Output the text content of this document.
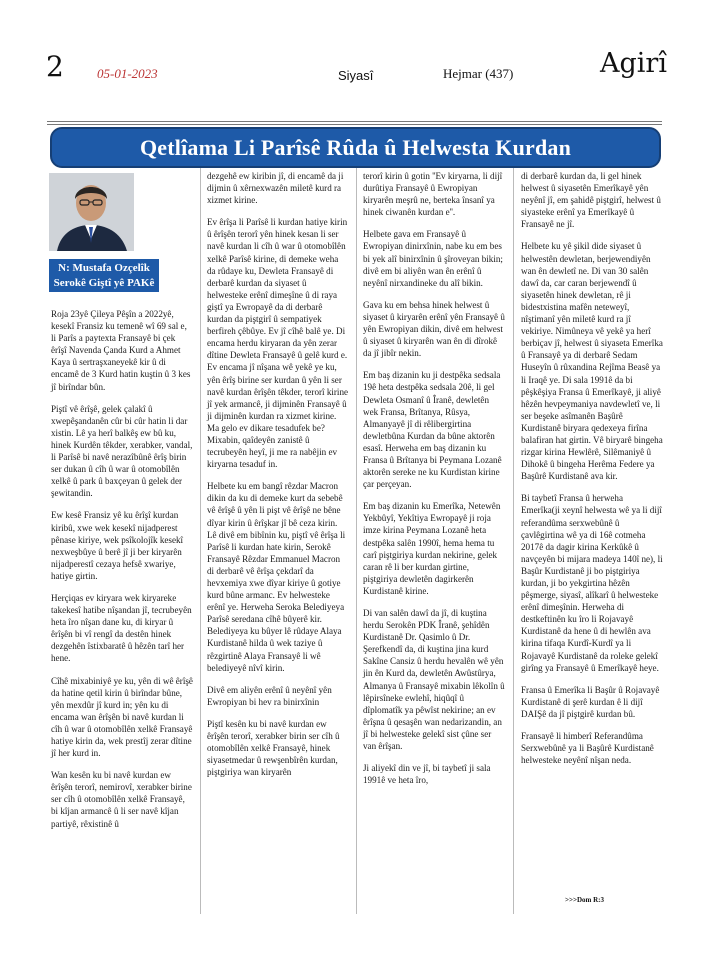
2	05-01-2023	Siyasî	Hejmar (437)	Agirî
Qetlîama Li Parîsê Rûda û Helwesta Kurdan
N: Mustafa Ozçelîk
Serokê Giştî yê PAKê

Roja 23yê Çileya Pêşîn a 2022yê, kesekî Fransiz ku temenê wî 69 sal e, li Parîs a paytexta Fransayê bi çek êrîşî Navenda Çanda Kurd a Ahmet Kaya û sertraşxaneyekê kir û di encamê de 3 Kurd hatin kuştin û 3 kes jî birîndar bûn.

Piştî vê êrîşê, gelek çalakî û xwepêşandanên cûr bi cûr hatin li dar xistin. Lê ya herî balkêş ew bû ku, hinek Kurdên têkder, xerabker, vandal, li Parîsê bi navê nerazîbûnê êrîş birin ser dukan û cîh û war û otomobîlên xelkê û park û baxçeyan û gelek der şewitandin.

Ew kesê Fransiz yê ku êrîşî kurdan kiribû, xwe wek kesekî nijadperest pênase kiriye, wek psîkolojîk kesekî nexweşbûye û berê jî ji ber kiryarên nijadperestî cezaya hefsê xwariye, hatiye girtin.

Herçiqas ev kiryara wek kiryareke takekesî hatibe nîşandan jî, tecrubeyên heta îro nîşan dane ku, di kiryar û êrîşên bi vî rengî da destên hinek dezgehên îstixbaratê û hêzên tarî her hene.

Cîhê mixabiniyê ye ku, yên di wê êrîşê da hatine qetil kirin û birîndar bûne, yên mexdûr jî kurd in; yên ku di encama wan êrîşên bi navê kurdan li cîh û war û otomobîlên xelkê Fransayê hatiye kirin da, wek prestîj zerar dîtine jî her kurd in.

Wan kesên ku bi navê kurdan ew êrîşên terorî, nemirovî, xerabker birine ser cîh û otomobîlên xelkê Fransayê, bi kîjan armancê û li ser navê kîjan partiyê, rêxistinê û

dezgehê ew kiribin jî, di encamê da ji dijmin û xêrnexwazên miletê kurd ra xizmet kirine.

Ev êrîşa li Parîsê li kurdan hatiye kirin û êrîşên terorî yên hinek kesan li ser navê kurdan li cîh û war û otomobîlên xelkê Parîsê kirine, di demeke weha da rûdaye ku, Dewleta Fransayê di derbarê kurdan da siyaset û helwesteke erênî dimeşîne û di raya giştî ya Ewropayê da di derbarê kurdan da piştgirî û sempatiyek berfireh çêbûye. Ev jî cîhê balê ye. Di encama herdu kiryaran da yên zerar dîtine Dewleta Fransayê û gelê kurd e. Ev encama jî nîşana wê yekê ye ku, yên êrîş birine ser kurdan û yên li ser navê kurdan êrîşên têkder, terorî kirine jî yek armancê, ji dijminên Fransayê û ji dijminên kurdan ra xizmet kirine. Ma gelo ev dikare tesadufek be? Mixabin, qaîdeyên zanistê û tecrubeyên heyî, ji me ra nabêjin ev kiryarna tesaduf in.

Helbete ku em bangî rêzdar Macron dikin da ku di demeke kurt da sebebê vê êrîşê û yên li pişt vê êrîşê ne bêne dîyar kirin û êrîşkar jî bê ceza kirin. Lê divê em bibînin ku, piştî vê êrîşa li Parîsê li kurdan hate kirin, Serokê Fransayê Rêzdar Emmanuel Macron di derbarê vê êrîşa çekdarî da hevxemiya xwe dîyar kiriye û gotiye kurd bûne armanc. Ev helwesteke erênî ye. Herweha Seroka Belediyeya Parîsê seredana cîhê bûyerê kir. Belediyeya ku bûyer lê rûdaye Alaya Kurdistanê hilda û wek taziye û rêzgirtinê Alaya Fransayê li wê belediyeyê nîvî kirin.

Divê em aliyên erênî û neyênî yên Ewropiyan bi hev ra binirxînin

Piştî kesên ku bi navê kurdan ew êrîşên terorî, xerabker birin ser cîh û otomobîlên xelkê Fransayê, hinek siyasetmedar û rewşenbîrên kurdan, piştgiriya wan kiryarên

terorî kirin û gotin ''Ev kiryarna, li dijî durûtiya Fransayê û Ewropiyan kiryarên meşrû ne, berteka însanî ya hinek ciwanên kurdan e''.

Helbete gava em Fransayê û Ewropiyan dinirxînin, nabe ku em bes bi yek alî binirxînin û şîroveyan bikin; divê em bi aliyên wan ên erênî û neyênî nirxandineke du alî bikin.

Gava ku em behsa hinek helwest û siyaset û kiryarên erênî yên Fransayê û yên Ewropiyan dikin, divê em helwest û siyaset û kiryarên wan ên di dîrokê da jî jibîr nekin.

Em baş dizanin ku ji destpêka sedsala 19ê heta destpêka sedsala 20ê, li gel Dewleta Osmanî û Îranê, dewletên wek Fransa, Brîtanya, Rûsya, Almanyayê jî di rêlibergirtina dewletbûna Kurdan da bûne aktorên esasî. Herweha em baş dizanin ku Fransa û Brîtanya bi Peymana Lozanê aktorên sereke ne ku Kurdistan kirine çar perçeyan.

Em baş dizanin ku Emerîka, Netewên Yekbûyî, Yekîtiya Ewropayê ji roja imze kirina Peymana Lozanê heta destpêka salên 1990î, hema hema tu carî piştgiriya kurdan nekirine, gelek caran rê li ber kurdan girtine, piştgiriya dewletên dagirkerên Kurdistanê kirine.

Di van salên dawî da jî, di kuştina herdu Serokên PDK Îranê, şehîdên Kurdistanê Dr. Qasimlo û Dr. Şerefkendî da, di kuştina jina kurd Sakîne Cansiz û herdu hevalên wê yên jin ên Kurd da, dewletên Awûstûrya, Almanya û Fransayê mixabin lêkolîn û lêpirsîneke ewlehî, hiqûqî û dîplomatîk ya pêwîst nekirine; an ev êrîşna û qesaşên wan nedarizandin, an jî bi helwesteke gelekî sist çûne ser van êrîşan.

Ji aliyekî din ve jî, bi taybetî ji sala 1991ê ve heta îro,

di derbarê kurdan da, li gel hinek helwest û siyasetên Emerîkayê yên neyênî jî, em şahidê piştgirî, helwest û siyasteke erênî ya Emerîkayê û Fransayê ne jî.

Helbete ku yê şikil dide siyaset û helwestên dewletan, berjewendiyên wan ên dewletî ne. Di van 30 salên dawî da, car caran berjewendî û siyasetên hinek dewletan, rê ji bidestxistina mafên neteweyî, nîştimanî yên miletê kurd ra jî vekiriye. Nimûneya vê yekê ya herî berbiçav jî, helwest û siyaseta Emerîka û Fransayê ya di derbarê Sedam Huseyîn û rûxandina Rejîma Beasê ya li Iraqê ye. Di sala 1991ê da bi pêşkêşiya Fransa û Emerîkayê, ji aliyê hêzên hevpeymaniya navdewletî ve, li ser beşeke asîmanên Başûrê Kurdistanê biryara qedexeya firîna balafiran hat girtin. Vê biryarê bingeha rizgar kirina Hewlêrê, Silêmaniyê û Dihokê û bingeha Herêma Federe ya Başûrê Kurdistanê ava kir.

Bi taybetî Fransa û herweha Emerîka(ji xeynî helwesta wê ya li dijî referandûma serxwebûnê û çavlêgirtina wê ya di 16ê cotmeha 2017ê da dagir kirina Kerkûkê û navçeyên bi mijara madeya 140î ne), li Başûr Kurdistanê ji bo piştgiriya kurdan, ji bo yekgirtina hêzên pêşmerge, siyasî, alîkarî û helwesteke erênî dimeşînin. Herweha di destkeftinên ku îro li Rojavayê Kurdistanê da hene û di hewlên ava kirina tifaqa Kurdî-Kurdî ya li Rojavayê Kurdistanê da roleke gelekî girîng ya Fransayê û Emerîkayê heye.

Fransa û Emerîka li Başûr û Rojavayê Kurdistanê di şerê kurdan ê li dijî DAIŞê da jî piştgirê kurdan bû.

Fransayê li himberî Referandûma Serxwebûnê ya li Başûrê Kurdistanê helwesteke neyênî nîşan neda.

>>>Dom R:3
